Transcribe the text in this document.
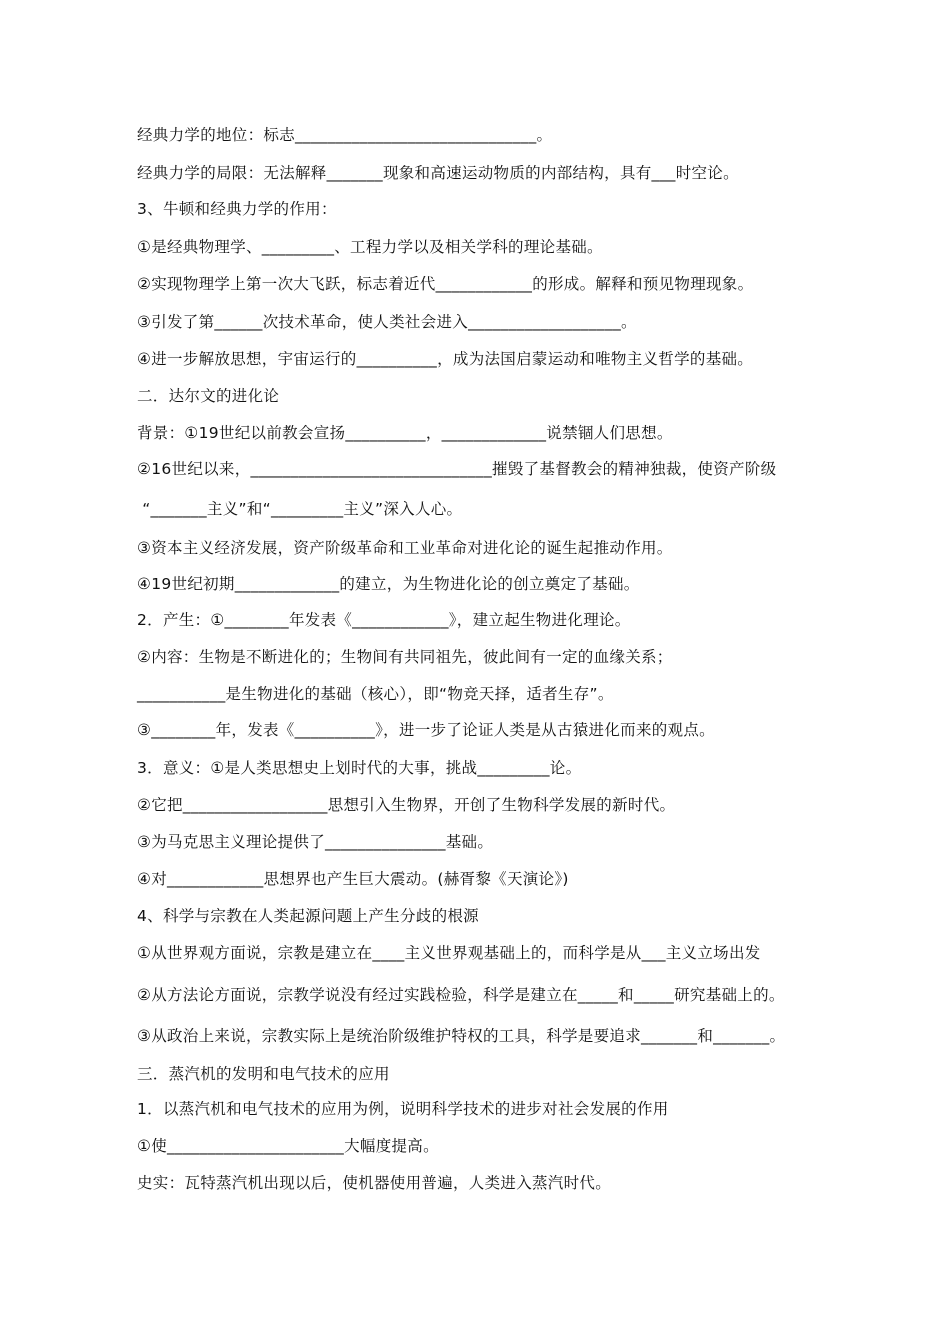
经典力学的地位：标志______________________________。
经典力学的局限：无法解释_______现象和高速运动物质的内部结构，具有___时空论。
3、牛顿和经典力学的作用：
①是经典物理学、_________、工程力学以及相关学科的理论基础。
②实现物理学上第一次大飞跃，标志着近代____________的形成。解释和预见物理现象。
③引发了第______次技术革命，使人类社会进入___________________。
④进一步解放思想，宇宙运行的__________，成为法国启蒙运动和唯物主义哲学的基础。
二．达尔文的进化论
背景：①19世纪以前教会宣扬__________，_____________说禁锢人们思想。
②16世纪以来，______________________________摧毁了基督教会的精神独裁，使资产阶级
“_______主义”和“_________主义”深入人心。
③资本主义经济发展，资产阶级革命和工业革命对进化论的诞生起推动作用。
④19世纪初期_____________的建立，为生物进化论的创立奠定了基础。
2．产生：①________年发表《____________》，建立起生物进化理论。
②内容：生物是不断进化的；生物间有共同祖先，彼此间有一定的血缘关系；
___________是生物进化的基础（核心），即“物竞天择，适者生存”。
③________年，发表《__________》，进一步了论证人类是从古猿进化而来的观点。
3．意义：①是人类思想史上划时代的大事，挑战_________论。
②它把__________________思想引入生物界，开创了生物科学发展的新时代。
③为马克思主义理论提供了_______________基础。
④对____________思想界也产生巨大震动。(赫胥黎《天演论》)
4、科学与宗教在人类起源问题上产生分歧的根源
①从世界观方面说，宗教是建立在____主义世界观基础上的，而科学是从___主义立场出发
②从方法论方面说，宗教学说没有经过实践检验，科学是建立在_____和_____研究基础上的。
③从政治上来说，宗教实际上是统治阶级维护特权的工具，科学是要追求_______和_______。
三．蒸汽机的发明和电气技术的应用
1．以蒸汽机和电气技术的应用为例，说明科学技术的进步对社会发展的作用
①使______________________大幅度提高。
史实：瓦特蒸汽机出现以后，使机器使用普遍，人类进入蒸汽时代。
